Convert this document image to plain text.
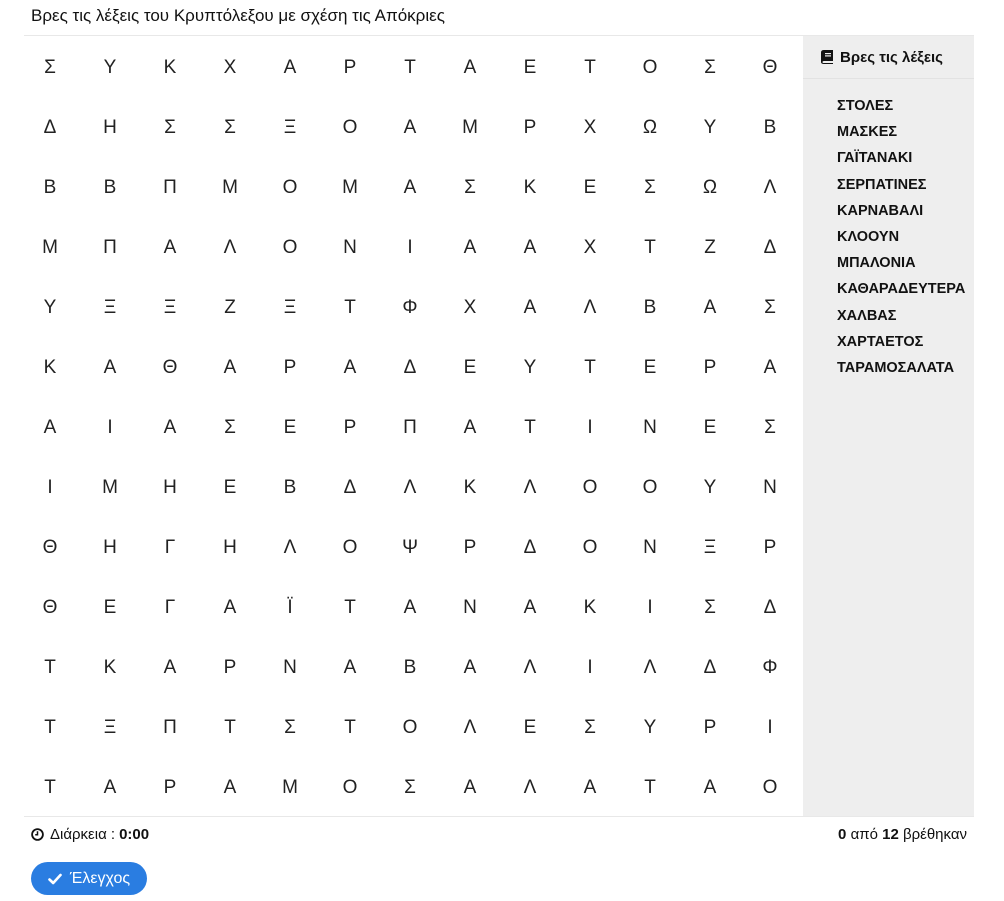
Βρες τις λέξεις του Κρυπτόλεξου με σχέση τις Απόκριες
Σ	Υ	Κ	Χ	Α	Ρ	Τ	Α	Ε	Τ	Ο	Σ	Θ
Δ	Η	Σ	Σ	Ξ	Ο	Α	Μ	Ρ	Χ	Ω	Υ	Β
Β	Β	Π	Μ	Ο	Μ	Α	Σ	Κ	Ε	Σ	Ω	Λ
Μ	Π	Α	Λ	Ο	Ν	Ι	Α	Α	Χ	Τ	Ζ	Δ
Υ	Ξ	Ξ	Ζ	Ξ	Τ	Φ	Χ	Α	Λ	Β	Α	Σ
Κ	Α	Θ	Α	Ρ	Α	Δ	Ε	Υ	Τ	Ε	Ρ	Α
Α	Ι	Α	Σ	Ε	Ρ	Π	Α	Τ	Ι	Ν	Ε	Σ
Ι	Μ	Η	Ε	Β	Δ	Λ	Κ	Λ	Ο	Ο	Υ	Ν
Θ	Η	Γ	Η	Λ	Ο	Ψ	Ρ	Δ	Ο	Ν	Ξ	Ρ
Θ	Ε	Γ	Α	Ϊ	Τ	Α	Ν	Α	Κ	Ι	Σ	Δ
Τ	Κ	Α	Ρ	Ν	Α	Β	Α	Λ	Ι	Λ	Δ	Φ
Τ	Ξ	Π	Τ	Σ	Τ	Ο	Λ	Ε	Σ	Υ	Ρ	Ι
Τ	Α	Ρ	Α	Μ	Ο	Σ	Α	Λ	Α	Τ	Α	Ο
Βρες τις λέξεις
ΣΤΟΛΕΣ
ΜΑΣΚΕΣ
ΓΑΪΤΑΝΑΚΙ
ΣΕΡΠΑΤΙΝΕΣ
ΚΑΡΝΑΒΑΛΙ
ΚΛΟΟΥΝ
ΜΠΑΛΟΝΙΑ
ΚΑΘΑΡΑΔΕΥΤΕΡΑ
ΧΑΛΒΑΣ
ΧΑΡΤΑΕΤΟΣ
ΤΑΡΑΜΟΣΑΛΑΤΑ
Διάρκεια : 0:00	0 από 12 βρέθηκαν
Έλεγχος
